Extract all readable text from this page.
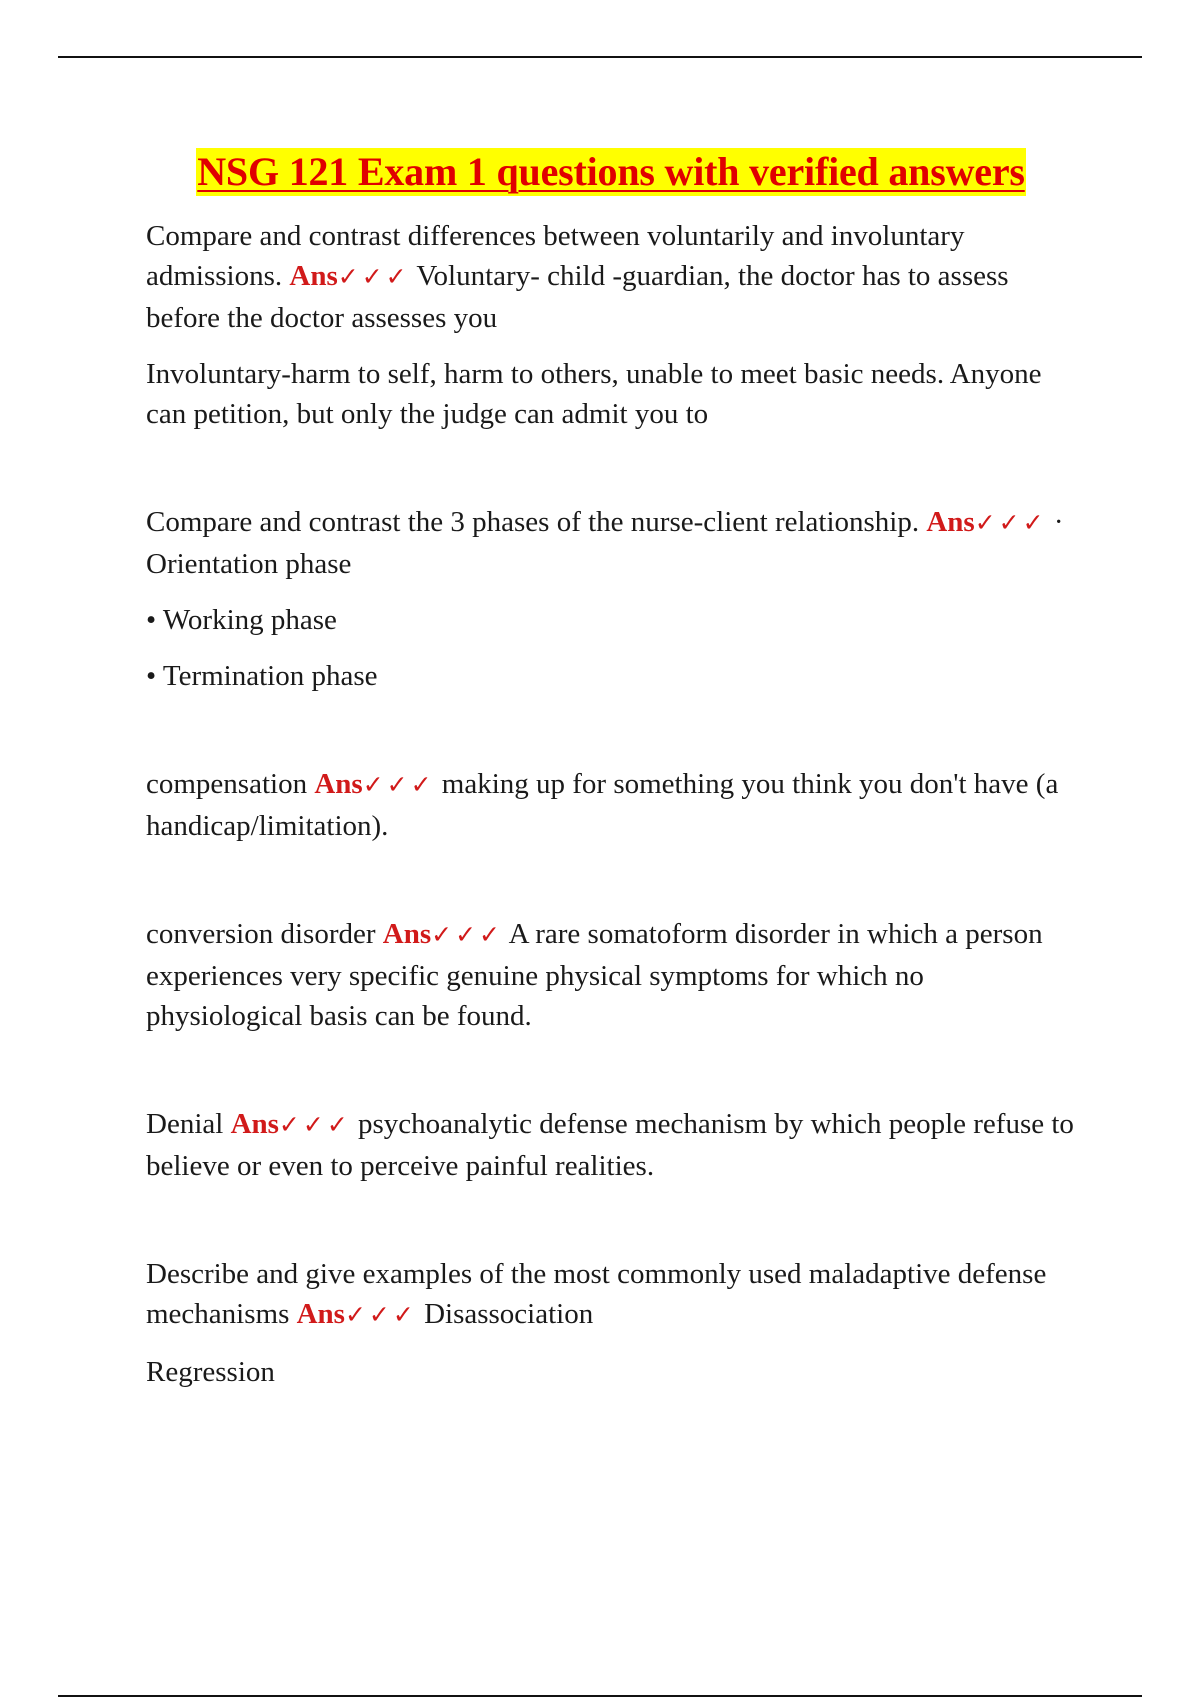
NSG 121 Exam 1 questions with verified answers

Compare and contrast differences between voluntarily and involuntary admissions. Ans✓✓✓ Voluntary- child -guardian, the doctor has to assess before the doctor assesses you

Involuntary-harm to self, harm to others, unable to meet basic needs. Anyone can petition, but only the judge can admit you to

Compare and contrast the 3 phases of the nurse-client relationship. Ans✓✓✓ · Orientation phase

• Working phase

• Termination phase

compensation Ans✓✓✓ making up for something you think you don't have (a handicap/limitation).

conversion disorder Ans✓✓✓ A rare somatoform disorder in which a person experiences very specific genuine physical symptoms for which no physiological basis can be found.

Denial Ans✓✓✓ psychoanalytic defense mechanism by which people refuse to believe or even to perceive painful realities.

Describe and give examples of the most commonly used maladaptive defense mechanisms Ans✓✓✓ Disassociation

Regression
